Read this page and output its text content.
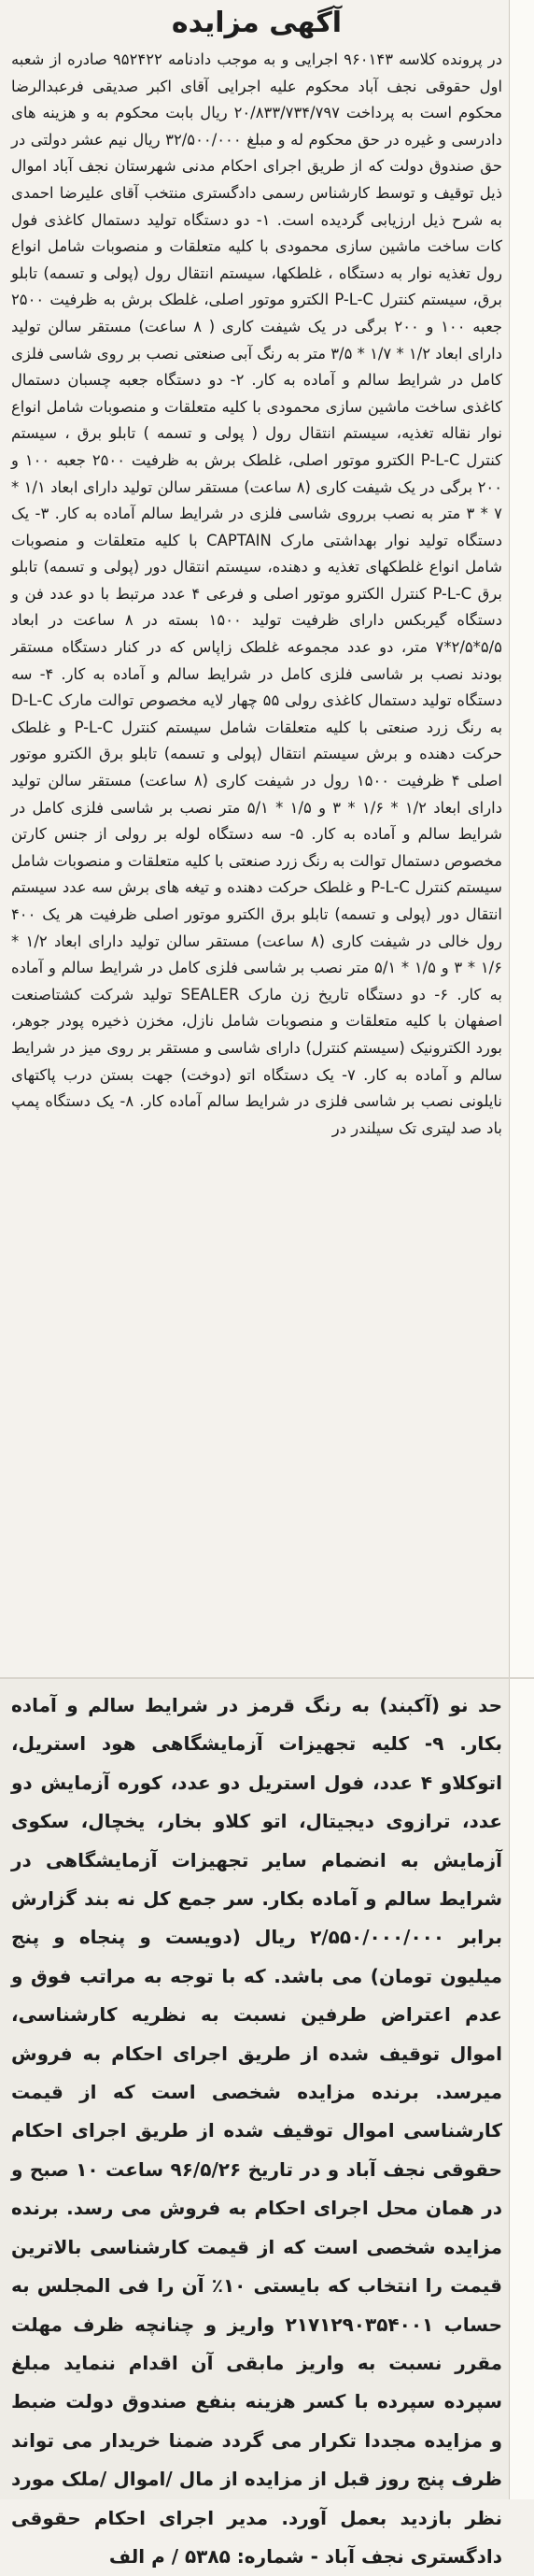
آگهی مزایده

در پرونده کلاسه ۹۶۰۱۴۳ اجرایی و به موجب دادنامه ۹۵۲۴۲۲ صادره از شعبه اول حقوقی نجف آباد محکوم علیه اجرایی آقای اکبر صدیقی فرعبدالرضا محکوم است به پرداخت ۲۰/۸۳۳/۷۳۴/۷۹۷ ریال بابت محکوم به و هزینه های دادرسی و غیره در حق محکوم له و مبلغ ۳۲/۵۰۰/۰۰۰ ریال نیم عشر دولتی در حق صندوق دولت که از طریق اجرای احکام مدنی شهرستان نجف آباد اموال ذیل توقیف و توسط کارشناس رسمی دادگستری منتخب آقای علیرضا احمدی به شرح ذیل ارزیابی گردیده است. ۱- دو دستگاه تولید دستمال کاغذی فول کات ساخت ماشین سازی محمودی با کلیه متعلقات و منصوبات شامل انواع رول تغذیه نوار به دستگاه ، غلطکها، سیستم انتقال رول (پولی و تسمه) تابلو برق، سیستم کنترل P-L-C الکترو موتور اصلی، غلطک برش به ظرفیت ۲۵۰۰ جعبه ۱۰۰ و ۲۰۰ برگی در یک شیفت کاری ( ۸ ساعت) مستقر سالن تولید دارای ابعاد ۱/۲ * ۱/۷ * ۳/۵ متر به رنگ آبی صنعتی نصب بر روی شاسی فلزی کامل در شرایط سالم و آماده به کار. ۲- دو دستگاه جعبه چسبان دستمال کاغذی ساخت ماشین سازی محمودی با کلیه متعلقات و منصوبات شامل انواع نوار نقاله تغذیه، سیستم انتقال رول ( پولی و تسمه ) تابلو برق ، سیستم کنترل P-L-C الکترو موتور اصلی، غلطک برش به ظرفیت ۲۵۰۰ جعبه ۱۰۰ و ۲۰۰ برگی در یک شیفت کاری (۸ ساعت) مستقر سالن تولید دارای ابعاد ۱/۱ * ۷ * ۳ متر به نصب برروی شاسی فلزی در شرایط سالم آماده به کار. ۳- یک دستگاه تولید نوار بهداشتی مارک CAPTAIN با کلیه متعلقات و منصوبات شامل انواع غلطکهای تغذیه و دهنده، سیستم انتقال دور (پولی و تسمه) تابلو برق P-L-C کنترل الکترو موتور اصلی و فرعی ۴ عدد مرتبط با دو عدد فن و دستگاه گیربکس دارای ظرفیت تولید ۱۵۰۰ بسته در ۸ ساعت در ابعاد ۵/۵*۲/۵*۷ متر، دو عدد مجموعه غلطک زاپاس که در کنار دستگاه مستقر بودند نصب بر شاسی فلزی کامل در شرایط سالم و آماده به کار. ۴- سه دستگاه تولید دستمال کاغذی رولی ۵۵ چهار لایه مخصوص توالت مارک D-L-C به رنگ زرد صنعتی با کلیه متعلقات شامل سیستم کنترل P-L-C و غلطک حرکت دهنده و برش سیستم انتقال (پولی و تسمه) تابلو برق الکترو موتور اصلی ۴ ظرفیت ۱۵۰۰ رول در شیفت کاری (۸ ساعت) مستقر سالن تولید دارای ابعاد ۱/۲ * ۱/۶ * ۳ و ۱/۵ * ۵/۱ متر نصب بر شاسی فلزی کامل در شرایط سالم و آماده به کار. ۵- سه دستگاه لوله بر رولی از جنس کارتن مخصوص دستمال توالت به رنگ زرد صنعتی با کلیه متعلقات و منصوبات شامل سیستم کنترل P-L-C و غلطک حرکت دهنده و تیغه های برش سه عدد سیستم انتقال دور (پولی و تسمه) تابلو برق الکترو موتور اصلی ظرفیت هر یک ۴۰۰ رول خالی در شیفت کاری (۸ ساعت) مستقر سالن تولید دارای ابعاد ۱/۲ * ۱/۶ * ۳ و ۱/۵ * ۵/۱ متر نصب بر شاسی فلزی کامل در شرایط سالم و آماده به کار. ۶- دو دستگاه تاریخ زن مارک SEALER تولید شرکت کشتاصنعت اصفهان با کلیه متعلقات و منصوبات شامل نازل، مخزن ذخیره پودر جوهر، بورد الکترونیک (سیستم کنترل) دارای شاسی و مستقر بر روی میز در شرایط سالم و آماده به کار. ۷- یک دستگاه اتو (دوخت) جهت بستن درب پاکتهای نایلونی نصب بر شاسی فلزی در شرایط سالم آماده کار. ۸- یک دستگاه پمپ باد صد لیتری تک سیلندر در

حد نو (آکبند) به رنگ قرمز در شرایط سالم و آماده بکار. ۹- کلیه تجهیزات آزمایشگاهی هود استریل، اتوکلاو ۴ عدد، فول استریل دو عدد، کوره آزمایش دو عدد، ترازوی دیجیتال، اتو کلاو بخار، یخچال، سکوی آزمایش به انضمام سایر تجهیزات آزمایشگاهی در شرایط سالم و آماده بکار. سر جمع کل نه بند گزارش برابر ۲/۵۵۰/۰۰۰/۰۰۰ ریال (دویست و پنجاه و پنج میلیون تومان) می باشد. که با توجه به مراتب فوق و عدم اعتراض طرفین نسبت به نظریه کارشناسی، اموال توقیف شده از طریق اجرای احکام به فروش میرسد. برنده مزایده شخصی است که از قیمت کارشناسی اموال توقیف شده از طریق اجرای احکام حقوقی نجف آباد و در تاریخ ۹۶/۵/۲۶ ساعت ۱۰ صبح و در همان محل اجرای احکام به فروش می رسد. برنده مزایده شخصی است که از قیمت کارشناسی بالاترین قیمت را انتخاب که بایستی ۱۰٪ آن را فی المجلس به حساب ۲۱۷۱۲۹۰۳۵۴۰۰۱ واریز و چنانچه ظرف مهلت مقرر نسبت به واریز مابقی آن اقدام ننماید مبلغ سپرده سپرده با کسر هزینه بنفع صندوق دولت ضبط و مزایده مجددا تکرار می گردد ضمنا خریدار می تواند ظرف پنج روز قبل از مزایده از مال /اموال /ملک مورد نظر بازدید بعمل آورد. مدیر اجرای احکام حقوقی دادگستری نجف آباد - شماره: ۵۳۸۵ / م الف
